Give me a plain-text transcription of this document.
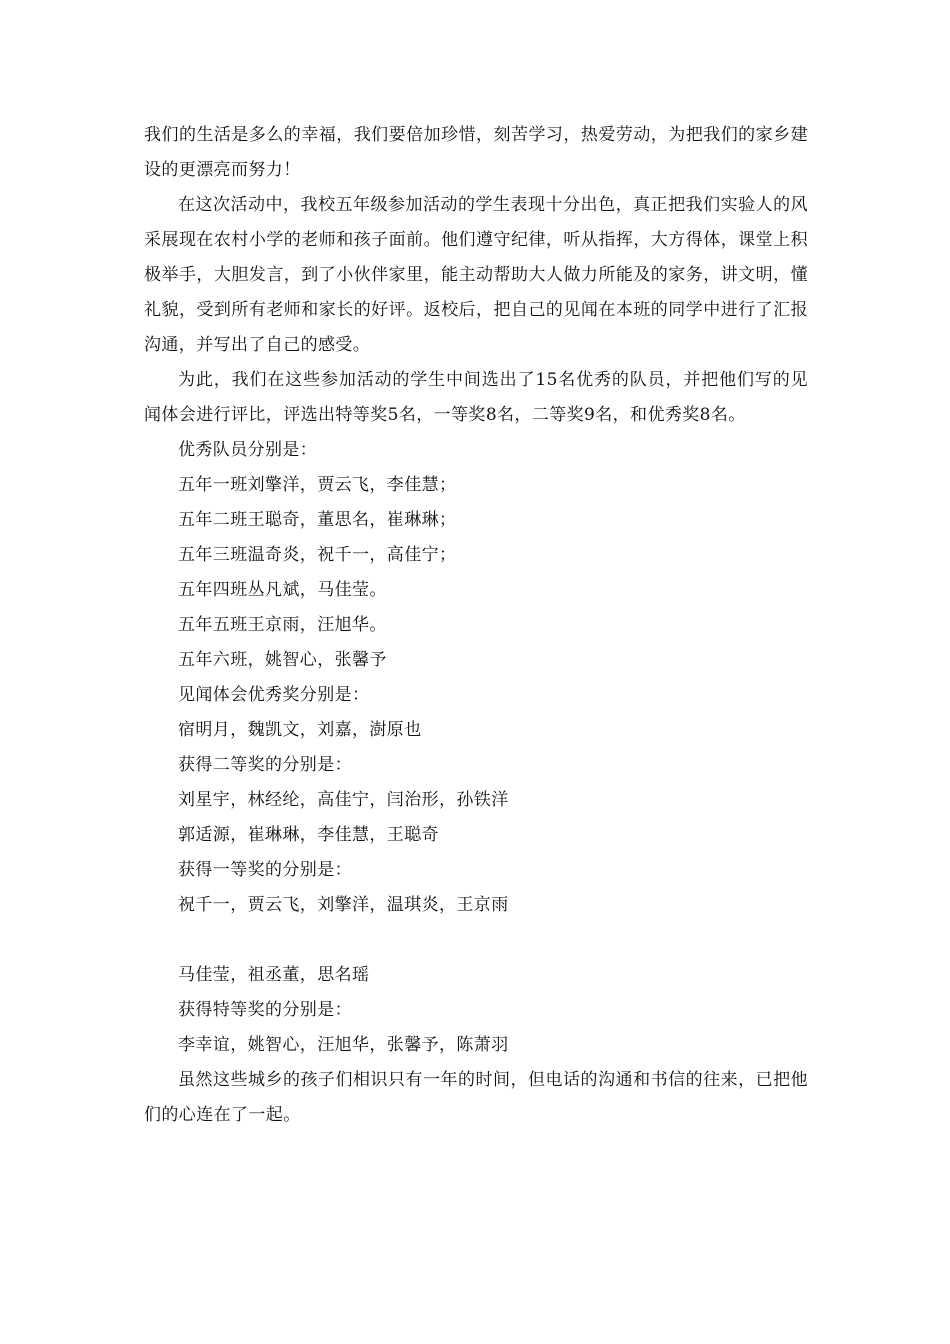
我们的生活是多么的幸福，我们要倍加珍惜，刻苦学习，热爱劳动，为把我们的家乡建设的更漂亮而努力！

在这次活动中，我校五年级参加活动的学生表现十分出色，真正把我们实验人的风采展现在农村小学的老师和孩子面前。他们遵守纪律，听从指挥，大方得体，课堂上积极举手，大胆发言，到了小伙伴家里，能主动帮助大人做力所能及的家务，讲文明，懂礼貌，受到所有老师和家长的好评。返校后，把自己的见闻在本班的同学中进行了汇报沟通，并写出了自己的感受。

为此，我们在这些参加活动的学生中间选出了15名优秀的队员，并把他们写的见闻体会进行评比，评选出特等奖5名，一等奖8名，二等奖9名，和优秀奖8名。

优秀队员分别是：

五年一班刘擎洋，贾云飞，李佳慧；

五年二班王聪奇，董思名，崔琳琳；

五年三班温奇炎，祝千一，高佳宁；

五年四班丛凡斌，马佳莹。

五年五班王京雨，汪旭华。

五年六班，姚智心，张馨予

见闻体会优秀奖分别是：

宿明月，魏凯文，刘嘉，澍原也

获得二等奖的分别是：

刘星宇，林经纶，高佳宁，闫治形，孙铁洋

郭适源，崔琳琳，李佳慧，王聪奇

获得一等奖的分别是：

祝千一，贾云飞，刘擎洋，温琪炎，王京雨

马佳莹，祖丞董，思名瑶

获得特等奖的分别是：

李幸谊，姚智心，汪旭华，张馨予，陈萧羽

虽然这些城乡的孩子们相识只有一年的时间，但电话的沟通和书信的往来，已把他们的心连在了一起。
